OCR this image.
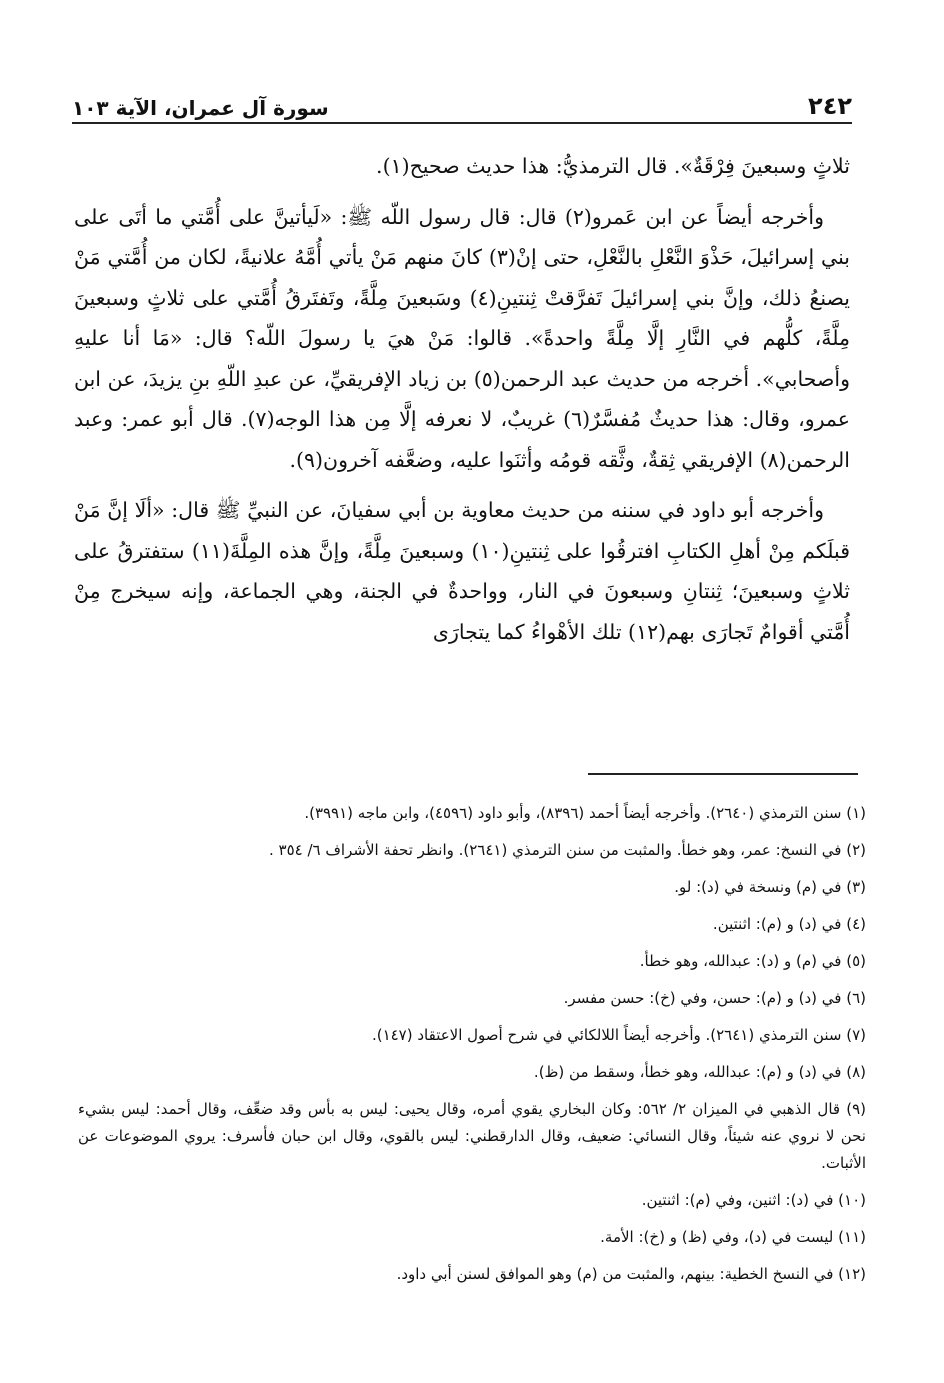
٢٤٢
سورة آل عمران، الآية ١٠٣

ثلاثٍ وسبعينَ فِرْقَةٌ». قال الترمذيُّ: هذا حديث صحيح(١).

وأخرجه أيضاً عن ابن عَمرو(٢) قال: قال رسول اللّه ﷺ: «لَيأتينَّ على أُمَّتي ما أتَى على بني إسرائيلَ، حَذْوَ النَّعْلِ بالنَّعْلِ، حتى إنْ(٣) كانَ منهم مَنْ يأتي أُمَّهُ علانيةً، لكان من أُمَّتي مَنْ يصنعُ ذلك، وإنَّ بني إسرائيلَ تَفرَّقتْ ثِنتينِ(٤) وسَبعينَ مِلَّةً، وتَفتَرقُ أُمَّتي على ثلاثٍ وسبعينَ مِلَّةً، كلُّهم في النَّارِ إلَّا مِلَّةً واحدةً». قالوا: مَنْ هيَ يا رسولَ اللّه؟ قال: «مَا أنا عليهِ وأصحابي». أخرجه من حديث عبد الرحمن(٥) بن زياد الإفريقيِّ، عن عبدِ اللّهِ بنِ يزيدَ، عن ابن عمرو، وقال: هذا حديثٌ مُفسَّرٌ(٦) غريبٌ، لا نعرفه إلَّا مِن هذا الوجه(٧). قال أبو عمر: وعبد الرحمن(٨) الإفريقي ثِقةٌ، وثَّقه قومُه وأثنَوا عليه، وضعَّفه آخرون(٩).

وأخرجه أبو داود في سننه من حديث معاوية بن أبي سفيانَ، عن النبيِّ ﷺ قال: «ألَا إنَّ مَنْ قبلَكم مِنْ أهلِ الكتابِ افترقُوا على ثِنتينِ(١٠) وسبعينَ مِلَّةً، وإنَّ هذه المِلَّةَ(١١) ستفترقُ على ثلاثٍ وسبعينَ؛ ثِنتانِ وسبعونَ في النار، وواحدةٌ في الجنة، وهي الجماعة، وإنه سيخرج مِنْ أُمَّتي أقوامٌ تَجارَى بهم(١٢) تلك الأهْواءُ كما يتجارَى

(١) سنن الترمذي (٢٦٤٠). وأخرجه أيضاً أحمد (٨٣٩٦)، وأبو داود (٤٥٩٦)، وابن ماجه (٣٩٩١).

(٢) في النسخ: عمر، وهو خطأ. والمثبت من سنن الترمذي (٢٦٤١). وانظر تحفة الأشراف ٦/ ٣٥٤ .

(٣) في (م) ونسخة في (د): لو.

(٤) في (د) و (م): اثنتين.

(٥) في (م) و (د): عبدالله، وهو خطأ.

(٦) في (د) و (م): حسن، وفي (خ): حسن مفسر.

(٧) سنن الترمذي (٢٦٤١). وأخرجه أيضاً اللالكائي في شرح أصول الاعتقاد (١٤٧).

(٨) في (د) و (م): عبدالله، وهو خطأ، وسقط من (ظ).

(٩) قال الذهبي في الميزان ٢/ ٥٦٢: وكان البخاري يقوي أمره، وقال يحيى: ليس به بأس وقد ضعِّف، وقال أحمد: ليس بشيء نحن لا نروي عنه شيئاً، وقال النسائي: ضعيف، وقال الدارقطني: ليس بالقوي، وقال ابن حبان فأسرف: يروي الموضوعات عن الأثبات.

(١٠) في (د): اثنين، وفي (م): اثنتين.

(١١) ليست في (د)، وفي (ظ) و (خ): الأمة.

(١٢) في النسخ الخطية: بينهم، والمثبت من (م) وهو الموافق لسنن أبي داود.
